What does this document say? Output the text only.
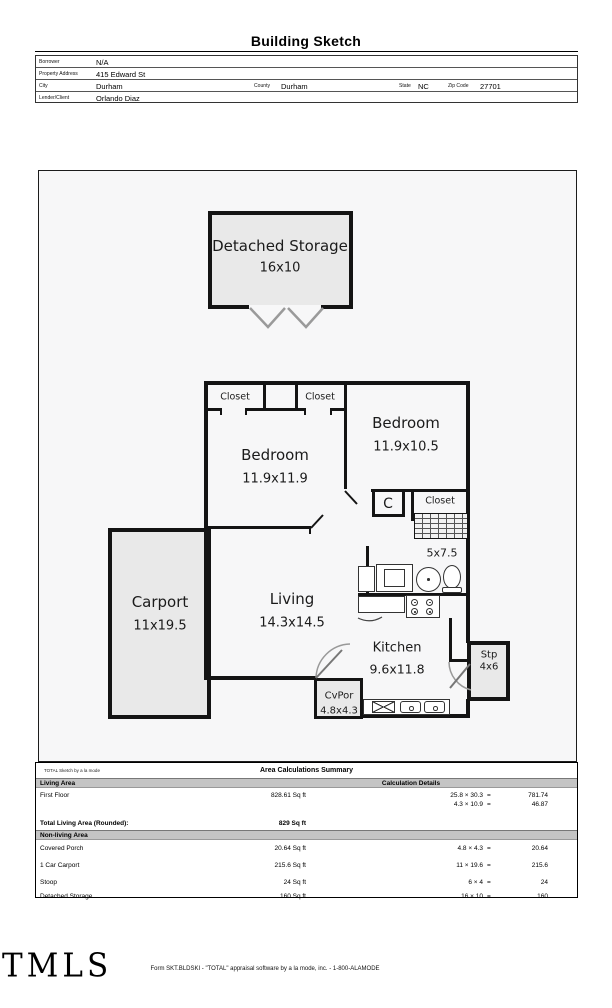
Building Sketch
Borrower	N/A
Property Address 415 Edward St
City	Durham	County Durham	State NC	Zip Code 27701
Lender/Client	Orlando Diaz
Detached Storage
16x10
Closet	Closet
Bedroom
11.9x11.9
Bedroom
11.9x10.5
C	Closet
5x7.5
Carport
11x19.5
Living
14.3x14.5
Kitchen
9.6x11.8
Stp
4x6
CvPor
4.8x4.3
TOTAL Sketch by a la mode	Area Calculations Summary
Living Area	Calculation Details
First Floor	828.61 Sq ft	25.8 × 30.3 =	781.74
4.3 × 10.9 =	46.87
Total Living Area (Rounded):	829 Sq ft
Non-living Area
Covered Porch	20.64 Sq ft	4.8 × 4.3 =	20.64
1 Car Carport	215.6 Sq ft	11 × 19.6 =	215.6
Stoop	24 Sq ft	6 × 4 =	24
Detached Storage	160 Sq ft	16 × 10 =	160
TMLS	Form SKT.BLDSKI - "TOTAL" appraisal software by a la mode, inc. - 1-800-ALAMODE
